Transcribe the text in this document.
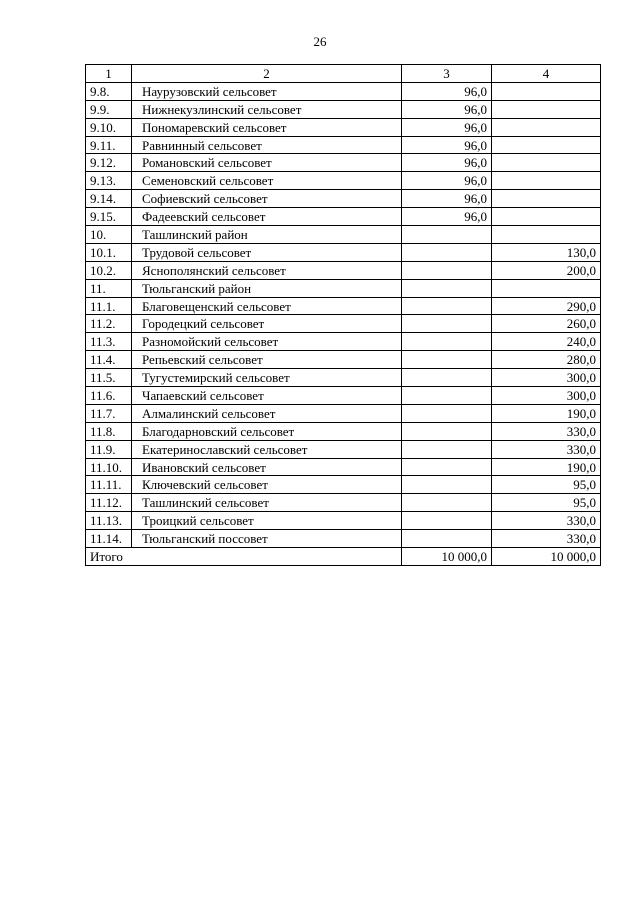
26
1	2	3	4
9.8.	Наурузовский сельсовет	96,0	
9.9.	Нижнекузлинский сельсовет	96,0	
9.10.	Пономаревский сельсовет	96,0	
9.11.	Равнинный сельсовет	96,0	
9.12.	Романовский сельсовет	96,0	
9.13.	Семеновский сельсовет	96,0	
9.14.	Софиевский сельсовет	96,0	
9.15.	Фадеевский сельсовет	96,0	
10.	Ташлинский район		
10.1.	Трудовой сельсовет		130,0
10.2.	Яснополянский сельсовет		200,0
11.	Тюльганский район		
11.1.	Благовещенский сельсовет		290,0
11.2.	Городецкий сельсовет		260,0
11.3.	Разномойский сельсовет		240,0
11.4.	Репьевский сельсовет		280,0
11.5.	Тугустемирский сельсовет		300,0
11.6.	Чапаевский сельсовет		300,0
11.7.	Алмалинский сельсовет		190,0
11.8.	Благодарновский сельсовет		330,0
11.9.	Екатеринославский сельсовет		330,0
11.10.	Ивановский сельсовет		190,0
11.11.	Ключевский сельсовет		95,0
11.12.	Ташлинский сельсовет		95,0
11.13.	Троицкий сельсовет		330,0
11.14.	Тюльганский поссовет		330,0
Итого		10 000,0	10 000,0
